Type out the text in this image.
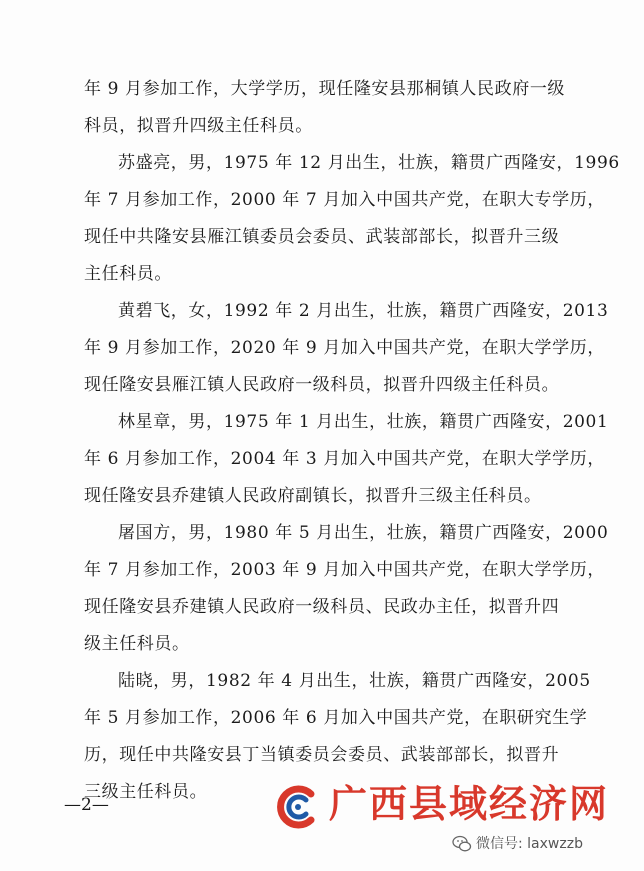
年 9 月参加工作，大学学历，现任隆安县那桐镇人民政府一级
科员，拟晋升四级主任科员。
苏盛亮，男，1975 年 12 月出生，壮族，籍贯广西隆安，1996
年 7 月参加工作，2000 年 7 月加入中国共产党，在职大专学历，
现任中共隆安县雁江镇委员会委员、武装部部长，拟晋升三级
主任科员。
黄碧飞，女，1992 年 2 月出生，壮族，籍贯广西隆安，2013
年 9 月参加工作，2020 年 9 月加入中国共产党，在职大学学历，
现任隆安县雁江镇人民政府一级科员，拟晋升四级主任科员。
林星章，男，1975 年 1 月出生，壮族，籍贯广西隆安，2001
年 6 月参加工作，2004 年 3 月加入中国共产党，在职大学学历，
现任隆安县乔建镇人民政府副镇长，拟晋升三级主任科员。
屠国方，男，1980 年 5 月出生，壮族，籍贯广西隆安，2000
年 7 月参加工作，2003 年 9 月加入中国共产党，在职大学学历，
现任隆安县乔建镇人民政府一级科员、民政办主任，拟晋升四
级主任科员。
陆晓，男，1982 年 4 月出生，壮族，籍贯广西隆安，2005
年 5 月参加工作，2006 年 6 月加入中国共产党，在职研究生学
历，现任中共隆安县丁当镇委员会委员、武装部部长，拟晋升
三级主任科员。
—2—	广西县域经济网
微信号: laxwzzb
